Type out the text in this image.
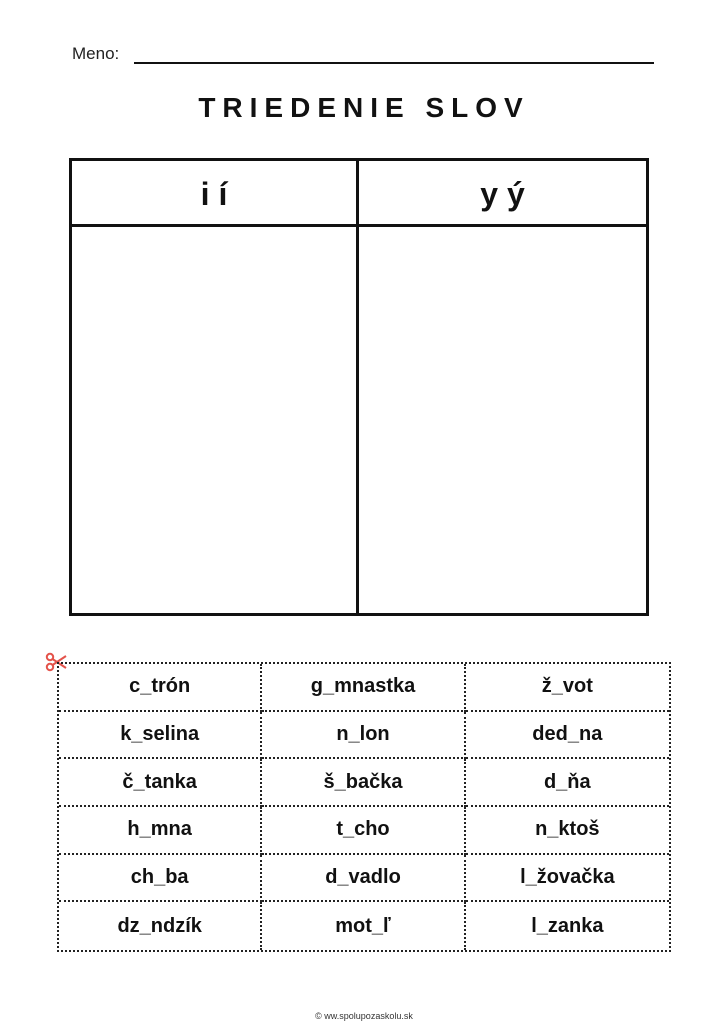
Meno:
TRIEDENIE SLOV
i í	y ý
c_trón	g_mnastka	ž_vot
k_selina	n_lon	ded_na
č_tanka	š_bačka	d_ňa
h_mna	t_cho	n_ktoš
ch_ba	d_vadlo	l_žovačka
dz_ndzík	mot_ľ	l_zanka
© ww.spolupozaskolu.sk
